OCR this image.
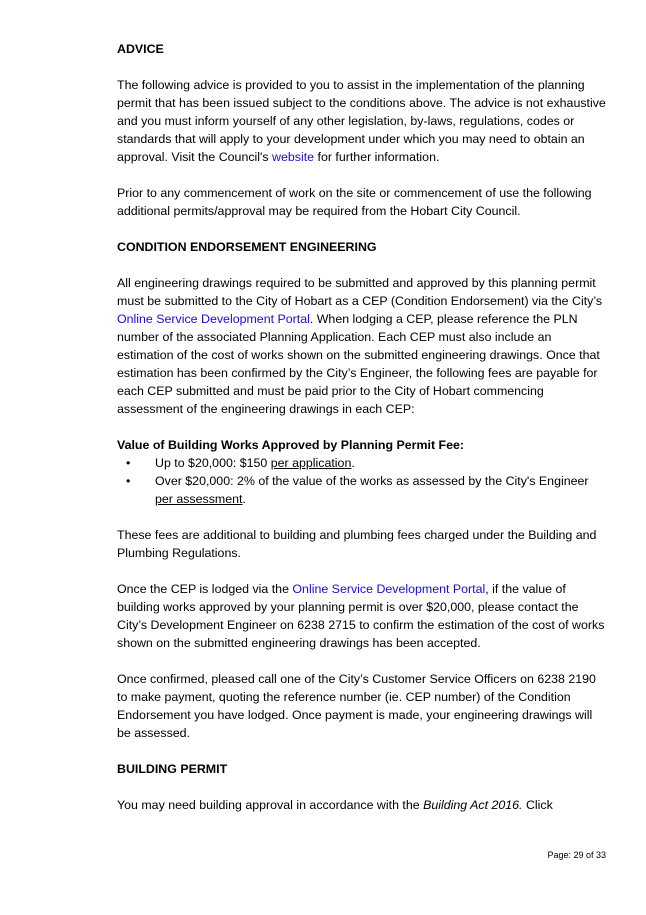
ADVICE

The following advice is provided to you to assist in the implementation of the planning permit that has been issued subject to the conditions above. The advice is not exhaustive and you must inform yourself of any other legislation, by-laws, regulations, codes or standards that will apply to your development under which you may need to obtain an approval. Visit the Council's website for further information.

Prior to any commencement of work on the site or commencement of use the following additional permits/approval may be required from the Hobart City Council.

CONDITION ENDORSEMENT ENGINEERING

All engineering drawings required to be submitted and approved by this planning permit must be submitted to the City of Hobart as a CEP (Condition Endorsement) via the City’s Online Service Development Portal. When lodging a CEP, please reference the PLN number of the associated Planning Application. Each CEP must also include an estimation of the cost of works shown on the submitted engineering drawings. Once that estimation has been confirmed by the City’s Engineer, the following fees are payable for each CEP submitted and must be paid prior to the City of Hobart commencing assessment of the engineering drawings in each CEP:

Value of Building Works Approved by Planning Permit Fee:
• Up to $20,000: $150 per application.
• Over $20,000: 2% of the value of the works as assessed by the City's Engineer per assessment.

These fees are additional to building and plumbing fees charged under the Building and Plumbing Regulations.

Once the CEP is lodged via the Online Service Development Portal, if the value of building works approved by your planning permit is over $20,000, please contact the City’s Development Engineer on 6238 2715 to confirm the estimation of the cost of works shown on the submitted engineering drawings has been accepted.

Once confirmed, pleased call one of the City’s Customer Service Officers on 6238 2190 to make payment, quoting the reference number (ie. CEP number) of the Condition Endorsement you have lodged. Once payment is made, your engineering drawings will be assessed.

BUILDING PERMIT

You may need building approval in accordance with the Building Act 2016. Click

Page: 29 of 33
